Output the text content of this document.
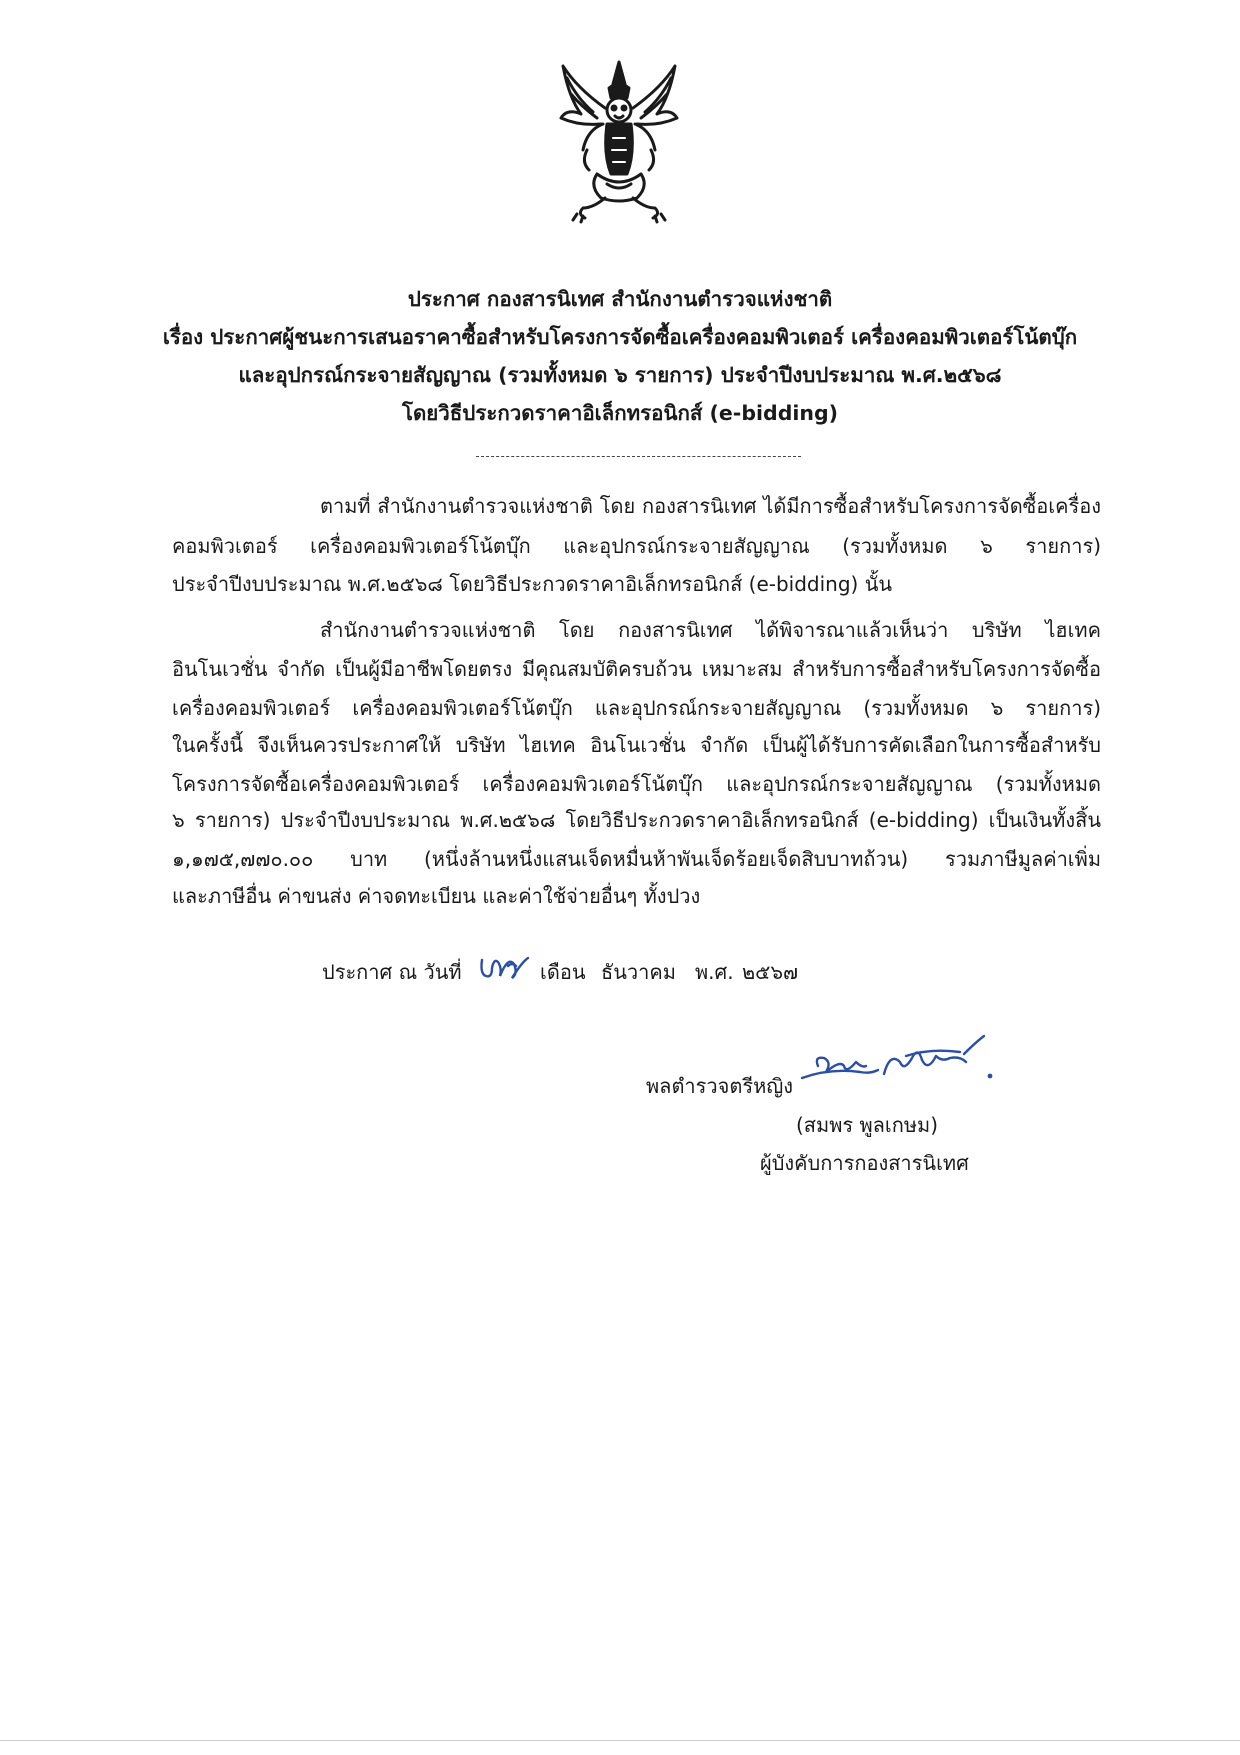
ประกาศ กองสารนิเทศ สำนักงานตำรวจแห่งชาติ
เรื่อง ประกาศผู้ชนะการเสนอราคาซื้อสำหรับโครงการจัดซื้อเครื่องคอมพิวเตอร์ เครื่องคอมพิวเตอร์โน้ตบุ๊ก
และอุปกรณ์กระจายสัญญาณ (รวมทั้งหมด ๖ รายการ) ประจำปีงบประมาณ พ.ศ.๒๕๖๘
โดยวิธีประกวดราคาอิเล็กทรอนิกส์ (e-bidding)
ตามที่ สำนักงานตำรวจแห่งชาติ โดย กองสารนิเทศ ได้มีการซื้อสำหรับโครงการจัดซื้อเครื่อง
คอมพิวเตอร์ เครื่องคอมพิวเตอร์โน้ตบุ๊ก และอุปกรณ์กระจายสัญญาณ (รวมทั้งหมด ๖ รายการ)
ประจำปีงบประมาณ พ.ศ.๒๕๖๘ โดยวิธีประกวดราคาอิเล็กทรอนิกส์ (e-bidding) นั้น
สำนักงานตำรวจแห่งชาติ โดย กองสารนิเทศ ได้พิจารณาแล้วเห็นว่า บริษัท ไฮเทค
อินโนเวชั่น จำกัด เป็นผู้มีอาชีพโดยตรง มีคุณสมบัติครบถ้วน เหมาะสม สำหรับการซื้อสำหรับโครงการจัดซื้อ
เครื่องคอมพิวเตอร์ เครื่องคอมพิวเตอร์โน้ตบุ๊ก และอุปกรณ์กระจายสัญญาณ (รวมทั้งหมด ๖ รายการ)
ในครั้งนี้ จึงเห็นควรประกาศให้ บริษัท ไฮเทค อินโนเวชั่น จำกัด เป็นผู้ได้รับการคัดเลือกในการซื้อสำหรับ
โครงการจัดซื้อเครื่องคอมพิวเตอร์ เครื่องคอมพิวเตอร์โน้ตบุ๊ก และอุปกรณ์กระจายสัญญาณ (รวมทั้งหมด
๖ รายการ) ประจำปีงบประมาณ พ.ศ.๒๕๖๘ โดยวิธีประกวดราคาอิเล็กทรอนิกส์ (e-bidding) เป็นเงินทั้งสิ้น
๑,๑๗๕,๗๗๐.๐๐ บาท (หนึ่งล้านหนึ่งแสนเจ็ดหมื่นห้าพันเจ็ดร้อยเจ็ดสิบบาทถ้วน) รวมภาษีมูลค่าเพิ่ม
และภาษีอื่น ค่าขนส่ง ค่าจดทะเบียน และค่าใช้จ่ายอื่นๆ ทั้งปวง
ประกาศ ณ วันที่	เดือน ธันวาคม พ.ศ. ๒๕๖๗
พลตำรวจตรีหญิง
(สมพร พูลเกษม)
ผู้บังคับการกองสารนิเทศ
